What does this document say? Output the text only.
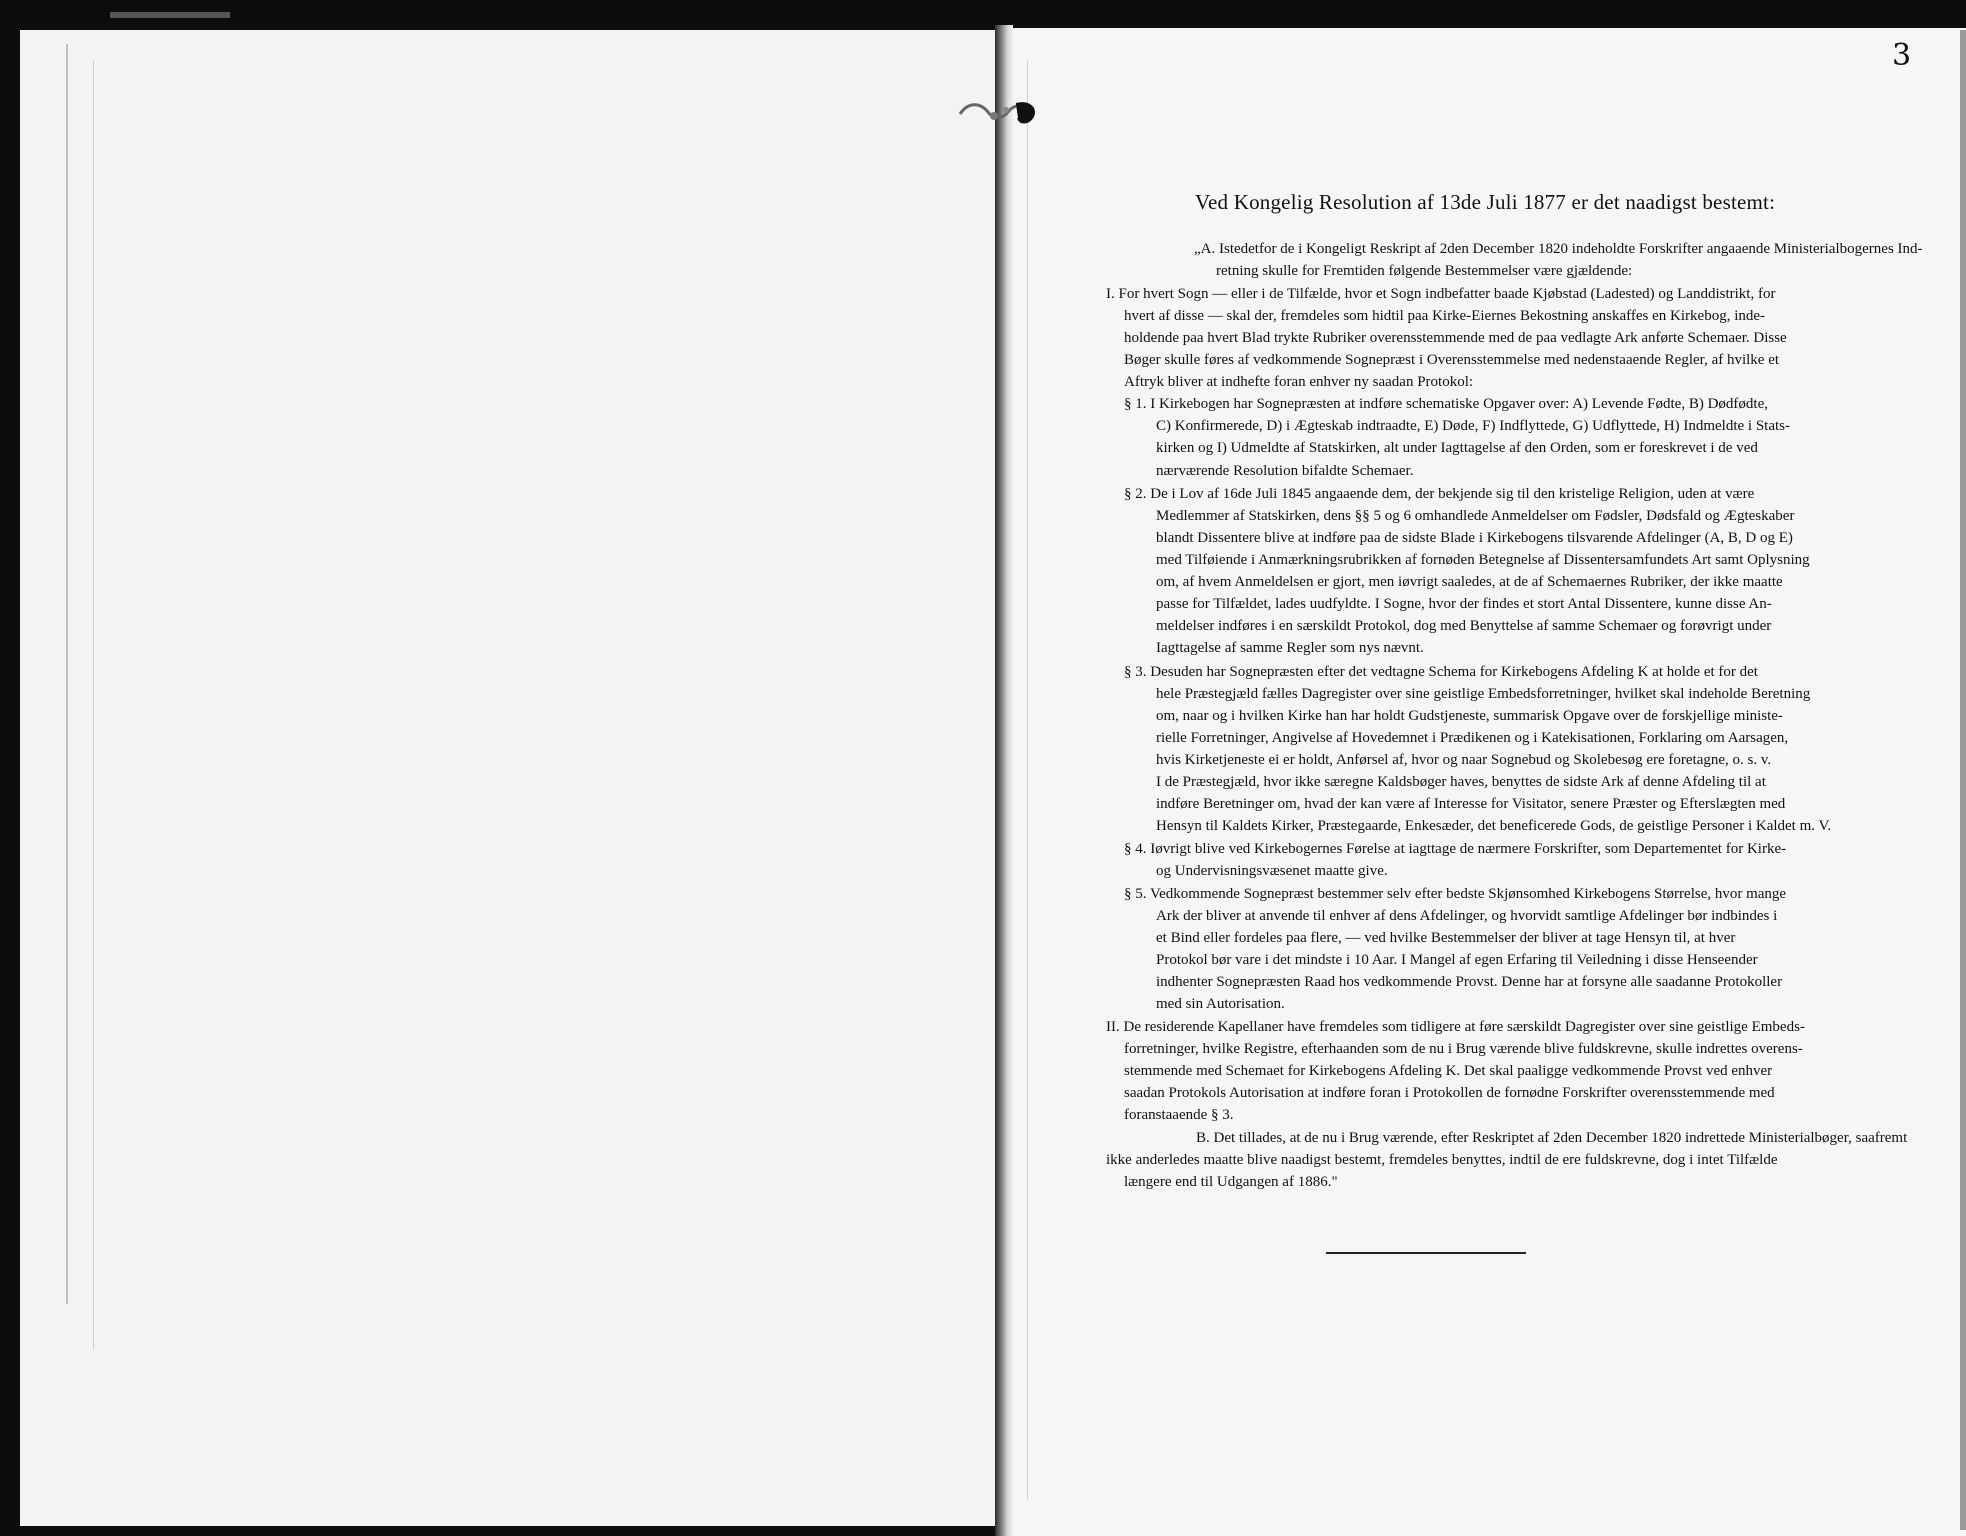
3
Ved Kongelig Resolution af 13de Juli 1877 er det naadigst bestemt:
„A. Istedetfor de i Kongeligt Reskript af 2den December 1820 indeholdte Forskrifter angaaende Ministerialbogernes Ind-
retning skulle for Fremtiden følgende Bestemmelser være gjældende:
I. For hvert Sogn — eller i de Tilfælde, hvor et Sogn indbefatter baade Kjøbstad (Ladested) og Landdistrikt, for
hvert af disse — skal der, fremdeles som hidtil paa Kirke-Eiernes Bekostning anskaffes en Kirkebog, inde-
holdende paa hvert Blad trykte Rubriker overensstemmende med de paa vedlagte Ark anførte Schemaer. Disse
Bøger skulle føres af vedkommende Sognepræst i Overensstemmelse med nedenstaaende Regler, af hvilke et
Aftryk bliver at indhefte foran enhver ny saadan Protokol:
§ 1. I Kirkebogen har Sognepræsten at indføre schematiske Opgaver over: A) Levende Fødte, B) Dødfødte,
C) Konfirmerede, D) i Ægteskab indtraadte, E) Døde, F) Indflyttede, G) Udflyttede, H) Indmeldte i Stats-
kirken og I) Udmeldte af Statskirken, alt under Iagttagelse af den Orden, som er foreskrevet i de ved
nærværende Resolution bifaldte Schemaer.
§ 2. De i Lov af 16de Juli 1845 angaaende dem, der bekjende sig til den kristelige Religion, uden at være
Medlemmer af Statskirken, dens §§ 5 og 6 omhandlede Anmeldelser om Fødsler, Dødsfald og Ægteskaber
blandt Dissentere blive at indføre paa de sidste Blade i Kirkebogens tilsvarende Afdelinger (A, B, D og E)
med Tilføiende i Anmærkningsrubrikken af fornøden Betegnelse af Dissentersamfundets Art samt Oplysning
om, af hvem Anmeldelsen er gjort, men iøvrigt saaledes, at de af Schemaernes Rubriker, der ikke maatte
passe for Tilfældet, lades uudfyldte. I Sogne, hvor der findes et stort Antal Dissentere, kunne disse An-
meldelser indføres i en særskildt Protokol, dog med Benyttelse af samme Schemaer og forøvrigt under
Iagttagelse af samme Regler som nys nævnt.
§ 3. Desuden har Sognepræsten efter det vedtagne Schema for Kirkebogens Afdeling K at holde et for det
hele Præstegjæld fælles Dagregister over sine geistlige Embedsforretninger, hvilket skal indeholde Beretning
om, naar og i hvilken Kirke han har holdt Gudstjeneste, summarisk Opgave over de forskjellige ministe-
rielle Forretninger, Angivelse af Hovedemnet i Prædikenen og i Katekisationen, Forklaring om Aarsagen,
hvis Kirketjeneste ei er holdt, Anførsel af, hvor og naar Sognebud og Skolebesøg ere foretagne, o. s. v.
I de Præstegjæld, hvor ikke særegne Kaldsbøger haves, benyttes de sidste Ark af denne Afdeling til at
indføre Beretninger om, hvad der kan være af Interesse for Visitator, senere Præster og Efterslægten med
Hensyn til Kaldets Kirker, Præstegaarde, Enkesæder, det beneficerede Gods, de geistlige Personer i Kaldet m. V.
§ 4. Iøvrigt blive ved Kirkebogernes Førelse at iagttage de nærmere Forskrifter, som Departementet for Kirke-
og Undervisningsvæsenet maatte give.
§ 5. Vedkommende Sognepræst bestemmer selv efter bedste Skjønsomhed Kirkebogens Størrelse, hvor mange
Ark der bliver at anvende til enhver af dens Afdelinger, og hvorvidt samtlige Afdelinger bør indbindes i
et Bind eller fordeles paa flere, — ved hvilke Bestemmelser der bliver at tage Hensyn til, at hver
Protokol bør vare i det mindste i 10 Aar. I Mangel af egen Erfaring til Veiledning i disse Henseender
indhenter Sognepræsten Raad hos vedkommende Provst. Denne har at forsyne alle saadanne Protokoller
med sin Autorisation.
II. De residerende Kapellaner have fremdeles som tidligere at føre særskildt Dagregister over sine geistlige Embeds-
forretninger, hvilke Registre, efterhaanden som de nu i Brug værende blive fuldskrevne, skulle indrettes overens-
stemmende med Schemaet for Kirkebogens Afdeling K. Det skal paaligge vedkommende Provst ved enhver
saadan Protokols Autorisation at indføre foran i Protokollen de fornødne Forskrifter overensstemmende med
foranstaaende § 3.
B. Det tillades, at de nu i Brug værende, efter Reskriptet af 2den December 1820 indrettede Ministerialbøger, saafremt
ikke anderledes maatte blive naadigst bestemt, fremdeles benyttes, indtil de ere fuldskrevne, dog i intet Tilfælde
længere end til Udgangen af 1886."
